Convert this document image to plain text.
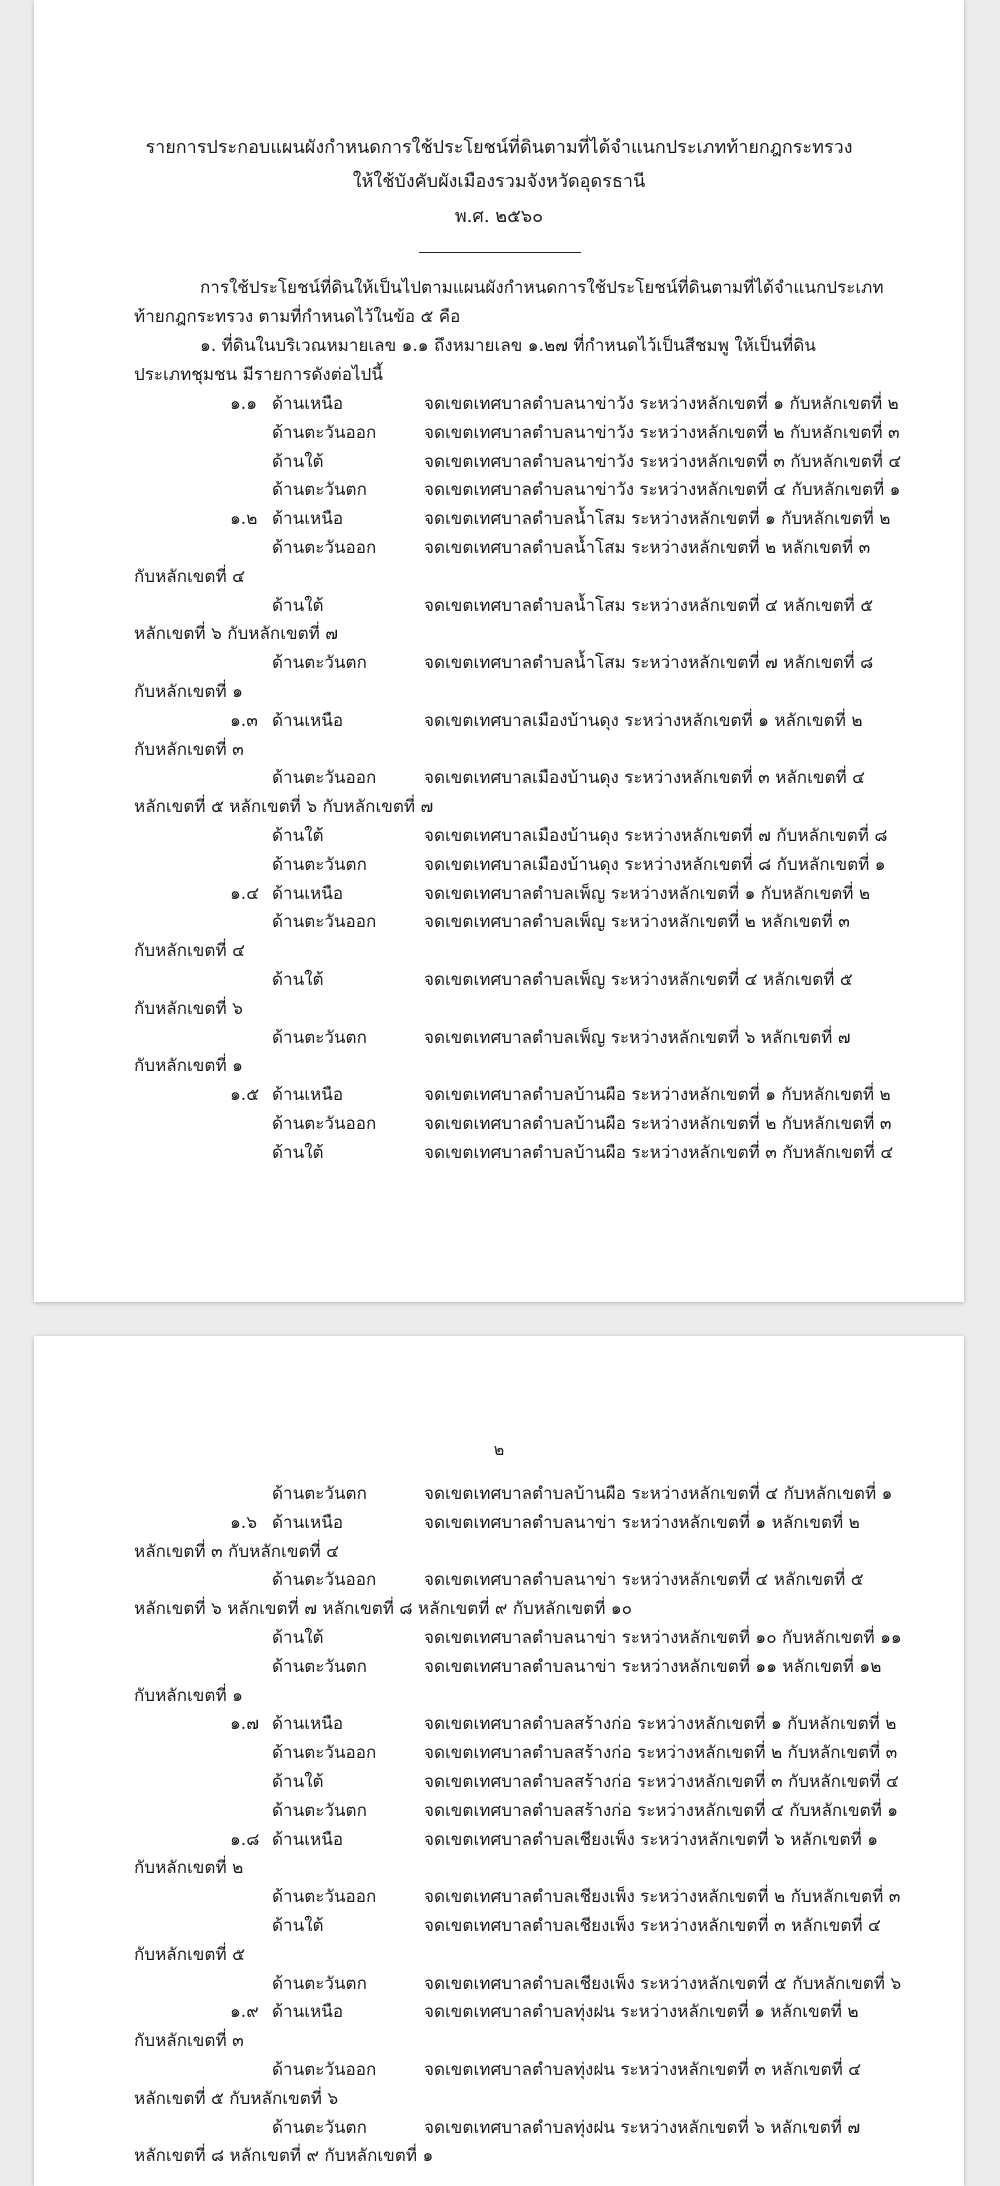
รายการประกอบแผนผังกำหนดการใช้ประโยชน์ที่ดินตามที่ได้จำแนกประเภทท้ายกฎกระทรวง
ให้ใช้บังคับผังเมืองรวมจังหวัดอุดรธานี
พ.ศ. ๒๕๖๐
การใช้ประโยชน์ที่ดินให้เป็นไปตามแผนผังกำหนดการใช้ประโยชน์ที่ดินตามที่ได้จำแนกประเภท
ท้ายกฎกระทรวง ตามที่กำหนดไว้ในข้อ ๕ คือ
๑. ที่ดินในบริเวณหมายเลข ๑.๑ ถึงหมายเลข ๑.๒๗ ที่กำหนดไว้เป็นสีชมพู ให้เป็นที่ดิน
ประเภทชุมชน มีรายการดังต่อไปนี้
๑.๑ ด้านเหนือ	จดเขตเทศบาลตำบลนาข่าวัง ระหว่างหลักเขตที่ ๑ กับหลักเขตที่ ๒
ด้านตะวันออก	จดเขตเทศบาลตำบลนาข่าวัง ระหว่างหลักเขตที่ ๒ กับหลักเขตที่ ๓
ด้านใต้	จดเขตเทศบาลตำบลนาข่าวัง ระหว่างหลักเขตที่ ๓ กับหลักเขตที่ ๔
ด้านตะวันตก	จดเขตเทศบาลตำบลนาข่าวัง ระหว่างหลักเขตที่ ๔ กับหลักเขตที่ ๑
๑.๒ ด้านเหนือ	จดเขตเทศบาลตำบลน้ำโสม ระหว่างหลักเขตที่ ๑ กับหลักเขตที่ ๒
ด้านตะวันออก	จดเขตเทศบาลตำบลน้ำโสม ระหว่างหลักเขตที่ ๒ หลักเขตที่ ๓
กับหลักเขตที่ ๔
ด้านใต้	จดเขตเทศบาลตำบลน้ำโสม ระหว่างหลักเขตที่ ๔ หลักเขตที่ ๕
หลักเขตที่ ๖ กับหลักเขตที่ ๗
ด้านตะวันตก	จดเขตเทศบาลตำบลน้ำโสม ระหว่างหลักเขตที่ ๗ หลักเขตที่ ๘
กับหลักเขตที่ ๑
๑.๓ ด้านเหนือ	จดเขตเทศบาลเมืองบ้านดุง ระหว่างหลักเขตที่ ๑ หลักเขตที่ ๒
กับหลักเขตที่ ๓
ด้านตะวันออก	จดเขตเทศบาลเมืองบ้านดุง ระหว่างหลักเขตที่ ๓ หลักเขตที่ ๔
หลักเขตที่ ๕ หลักเขตที่ ๖ กับหลักเขตที่ ๗
ด้านใต้	จดเขตเทศบาลเมืองบ้านดุง ระหว่างหลักเขตที่ ๗ กับหลักเขตที่ ๘
ด้านตะวันตก	จดเขตเทศบาลเมืองบ้านดุง ระหว่างหลักเขตที่ ๘ กับหลักเขตที่ ๑
๑.๔ ด้านเหนือ	จดเขตเทศบาลตำบลเพ็ญ ระหว่างหลักเขตที่ ๑ กับหลักเขตที่ ๒
ด้านตะวันออก	จดเขตเทศบาลตำบลเพ็ญ ระหว่างหลักเขตที่ ๒ หลักเขตที่ ๓
กับหลักเขตที่ ๔
ด้านใต้	จดเขตเทศบาลตำบลเพ็ญ ระหว่างหลักเขตที่ ๔ หลักเขตที่ ๕
กับหลักเขตที่ ๖
ด้านตะวันตก	จดเขตเทศบาลตำบลเพ็ญ ระหว่างหลักเขตที่ ๖ หลักเขตที่ ๗
กับหลักเขตที่ ๑
๑.๕ ด้านเหนือ	จดเขตเทศบาลตำบลบ้านผือ ระหว่างหลักเขตที่ ๑ กับหลักเขตที่ ๒
ด้านตะวันออก	จดเขตเทศบาลตำบลบ้านผือ ระหว่างหลักเขตที่ ๒ กับหลักเขตที่ ๓
ด้านใต้	จดเขตเทศบาลตำบลบ้านผือ ระหว่างหลักเขตที่ ๓ กับหลักเขตที่ ๔
๒
ด้านตะวันตก	จดเขตเทศบาลตำบลบ้านผือ ระหว่างหลักเขตที่ ๔ กับหลักเขตที่ ๑
๑.๖ ด้านเหนือ	จดเขตเทศบาลตำบลนาข่า ระหว่างหลักเขตที่ ๑ หลักเขตที่ ๒
หลักเขตที่ ๓ กับหลักเขตที่ ๔
ด้านตะวันออก	จดเขตเทศบาลตำบลนาข่า ระหว่างหลักเขตที่ ๔ หลักเขตที่ ๕
หลักเขตที่ ๖ หลักเขตที่ ๗ หลักเขตที่ ๘ หลักเขตที่ ๙ กับหลักเขตที่ ๑๐
ด้านใต้	จดเขตเทศบาลตำบลนาข่า ระหว่างหลักเขตที่ ๑๐ กับหลักเขตที่ ๑๑
ด้านตะวันตก	จดเขตเทศบาลตำบลนาข่า ระหว่างหลักเขตที่ ๑๑ หลักเขตที่ ๑๒
กับหลักเขตที่ ๑
๑.๗ ด้านเหนือ	จดเขตเทศบาลตำบลสร้างก่อ ระหว่างหลักเขตที่ ๑ กับหลักเขตที่ ๒
ด้านตะวันออก	จดเขตเทศบาลตำบลสร้างก่อ ระหว่างหลักเขตที่ ๒ กับหลักเขตที่ ๓
ด้านใต้	จดเขตเทศบาลตำบลสร้างก่อ ระหว่างหลักเขตที่ ๓ กับหลักเขตที่ ๔
ด้านตะวันตก	จดเขตเทศบาลตำบลสร้างก่อ ระหว่างหลักเขตที่ ๔ กับหลักเขตที่ ๑
๑.๘ ด้านเหนือ	จดเขตเทศบาลตำบลเชียงเพ็ง ระหว่างหลักเขตที่ ๖ หลักเขตที่ ๑
กับหลักเขตที่ ๒
ด้านตะวันออก	จดเขตเทศบาลตำบลเชียงเพ็ง ระหว่างหลักเขตที่ ๒ กับหลักเขตที่ ๓
ด้านใต้	จดเขตเทศบาลตำบลเชียงเพ็ง ระหว่างหลักเขตที่ ๓ หลักเขตที่ ๔
กับหลักเขตที่ ๕
ด้านตะวันตก	จดเขตเทศบาลตำบลเชียงเพ็ง ระหว่างหลักเขตที่ ๕ กับหลักเขตที่ ๖
๑.๙ ด้านเหนือ	จดเขตเทศบาลตำบลทุ่งฝน ระหว่างหลักเขตที่ ๑ หลักเขตที่ ๒
กับหลักเขตที่ ๓
ด้านตะวันออก	จดเขตเทศบาลตำบลทุ่งฝน ระหว่างหลักเขตที่ ๓ หลักเขตที่ ๔
หลักเขตที่ ๕ กับหลักเขตที่ ๖
ด้านตะวันตก	จดเขตเทศบาลตำบลทุ่งฝน ระหว่างหลักเขตที่ ๖ หลักเขตที่ ๗
หลักเขตที่ ๘ หลักเขตที่ ๙ กับหลักเขตที่ ๑
